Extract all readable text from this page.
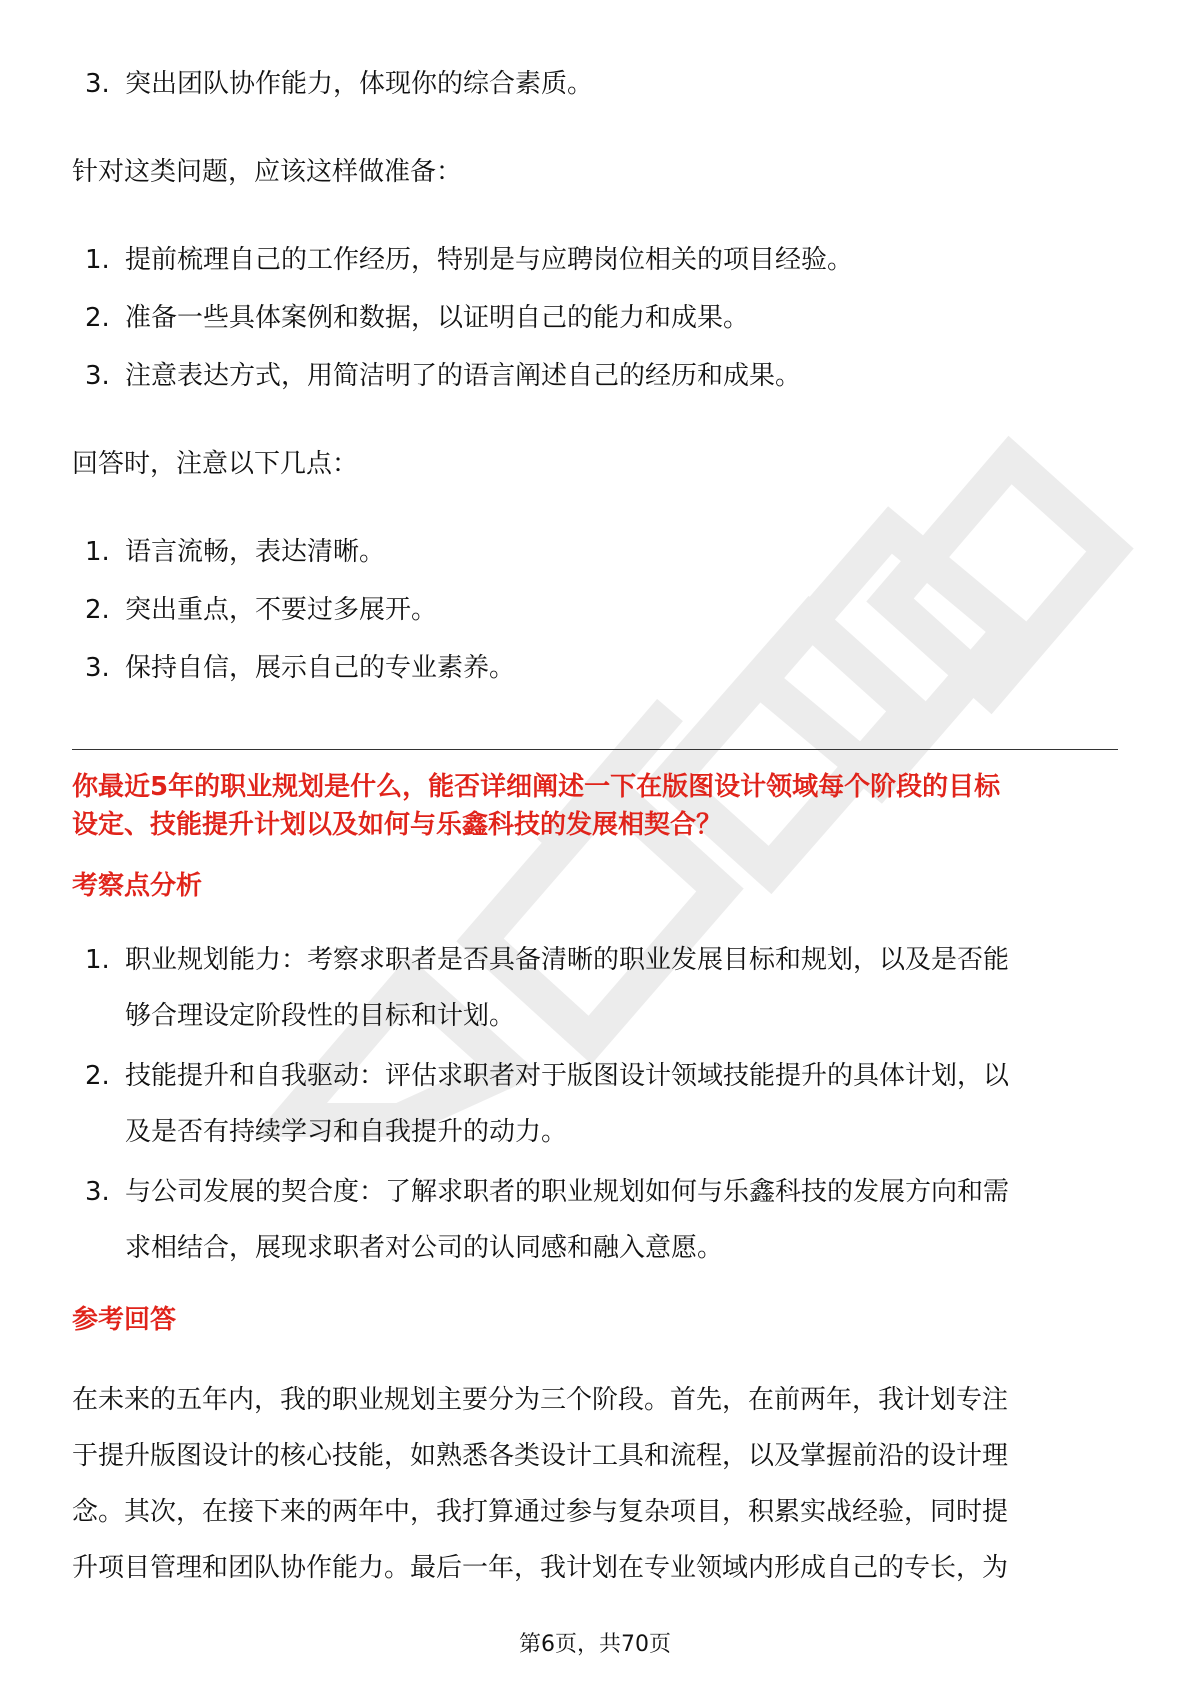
3. 突出团队协作能力，体现你的综合素质。
针对这类问题，应该这样做准备：
1. 提前梳理自己的工作经历，特别是与应聘岗位相关的项目经验。
2. 准备一些具体案例和数据，以证明自己的能力和成果。
3. 注意表达方式，用简洁明了的语言阐述自己的经历和成果。
回答时，注意以下几点：
1. 语言流畅，表达清晰。
2. 突出重点，不要过多展开。
3. 保持自信，展示自己的专业素养。
你最近5年的职业规划是什么，能否详细阐述一下在版图设计领域每个阶段的目标
设定、技能提升计划以及如何与乐鑫科技的发展相契合？
考察点分析
1. 职业规划能力：考察求职者是否具备清晰的职业发展目标和规划，以及是否能
够合理设定阶段性的目标和计划。
2. 技能提升和自我驱动：评估求职者对于版图设计领域技能提升的具体计划，以
及是否有持续学习和自我提升的动力。
3. 与公司发展的契合度：了解求职者的职业规划如何与乐鑫科技的发展方向和需
求相结合，展现求职者对公司的认同感和融入意愿。
参考回答
在未来的五年内，我的职业规划主要分为三个阶段。首先，在前两年，我计划专注
于提升版图设计的核心技能，如熟悉各类设计工具和流程，以及掌握前沿的设计理
念。其次，在接下来的两年中，我打算通过参与复杂项目，积累实战经验，同时提
升项目管理和团队协作能力。最后一年，我计划在专业领域内形成自己的专长，为
第6页，共70页
